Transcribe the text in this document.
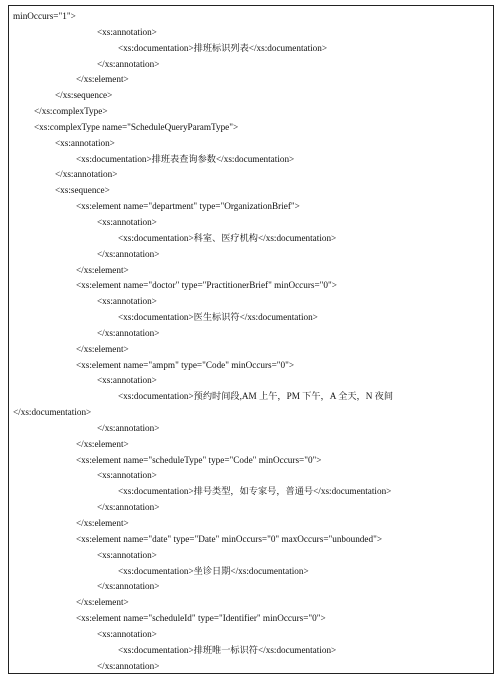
minOccurs="1">
<xs:annotation>
<xs:documentation>排班标识列表</xs:documentation>
</xs:annotation>
</xs:element>
</xs:sequence>
</xs:complexType>
<xs:complexType name="ScheduleQueryParamType">
<xs:annotation>
<xs:documentation>排班表查询参数</xs:documentation>
</xs:annotation>
<xs:sequence>
<xs:element name="department" type="OrganizationBrief">
<xs:annotation>
<xs:documentation>科室、医疗机构</xs:documentation>
</xs:annotation>
</xs:element>
<xs:element name="doctor" type="PractitionerBrief" minOccurs="0">
<xs:annotation>
<xs:documentation>医生标识符</xs:documentation>
</xs:annotation>
</xs:element>
<xs:element name="ampm" type="Code" minOccurs="0">
<xs:annotation>
<xs:documentation>预约时间段,AM 上午，PM 下午，A 全天，N 夜间
</xs:documentation>
</xs:annotation>
</xs:element>
<xs:element name="scheduleType" type="Code" minOccurs="0">
<xs:annotation>
<xs:documentation>排号类型，如专家号，普通号</xs:documentation>
</xs:annotation>
</xs:element>
<xs:element name="date" type="Date" minOccurs="0" maxOccurs="unbounded">
<xs:annotation>
<xs:documentation>坐诊日期</xs:documentation>
</xs:annotation>
</xs:element>
<xs:element name="scheduleId" type="Identifier" minOccurs="0">
<xs:annotation>
<xs:documentation>排班唯一标识符</xs:documentation>
</xs:annotation>
